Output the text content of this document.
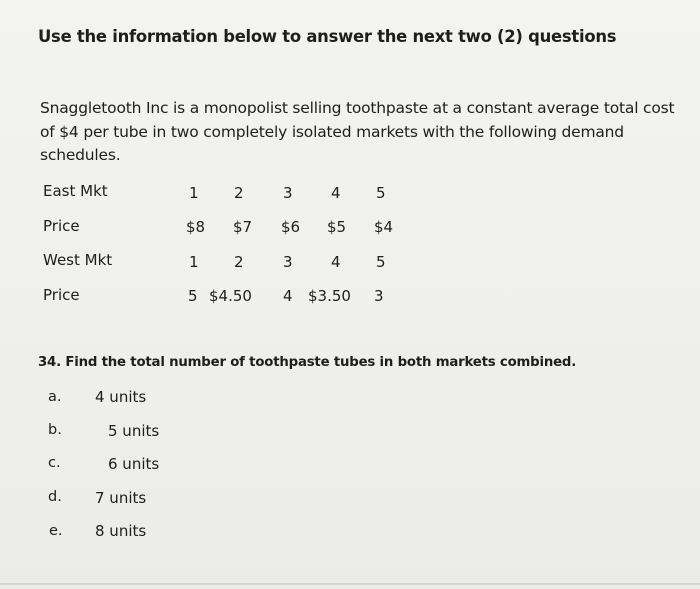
Use the information below to answer the next two (2) questions
Snaggletooth Inc is a monopolist selling toothpaste at a constant average total cost of $4 per tube in two completely isolated markets with the following demand schedules.
East Mkt	1 2	3	4 5
Price	$8 $7 $6 $5 $4
West Mkt	1 2	3	4 5
Price	5 $4.50 4 $3.50 3
34. Find the total number of toothpaste tubes in both markets combined.
a. 4 units
b.	5 units
c.	6 units
d. 7 units
e. 8 units
